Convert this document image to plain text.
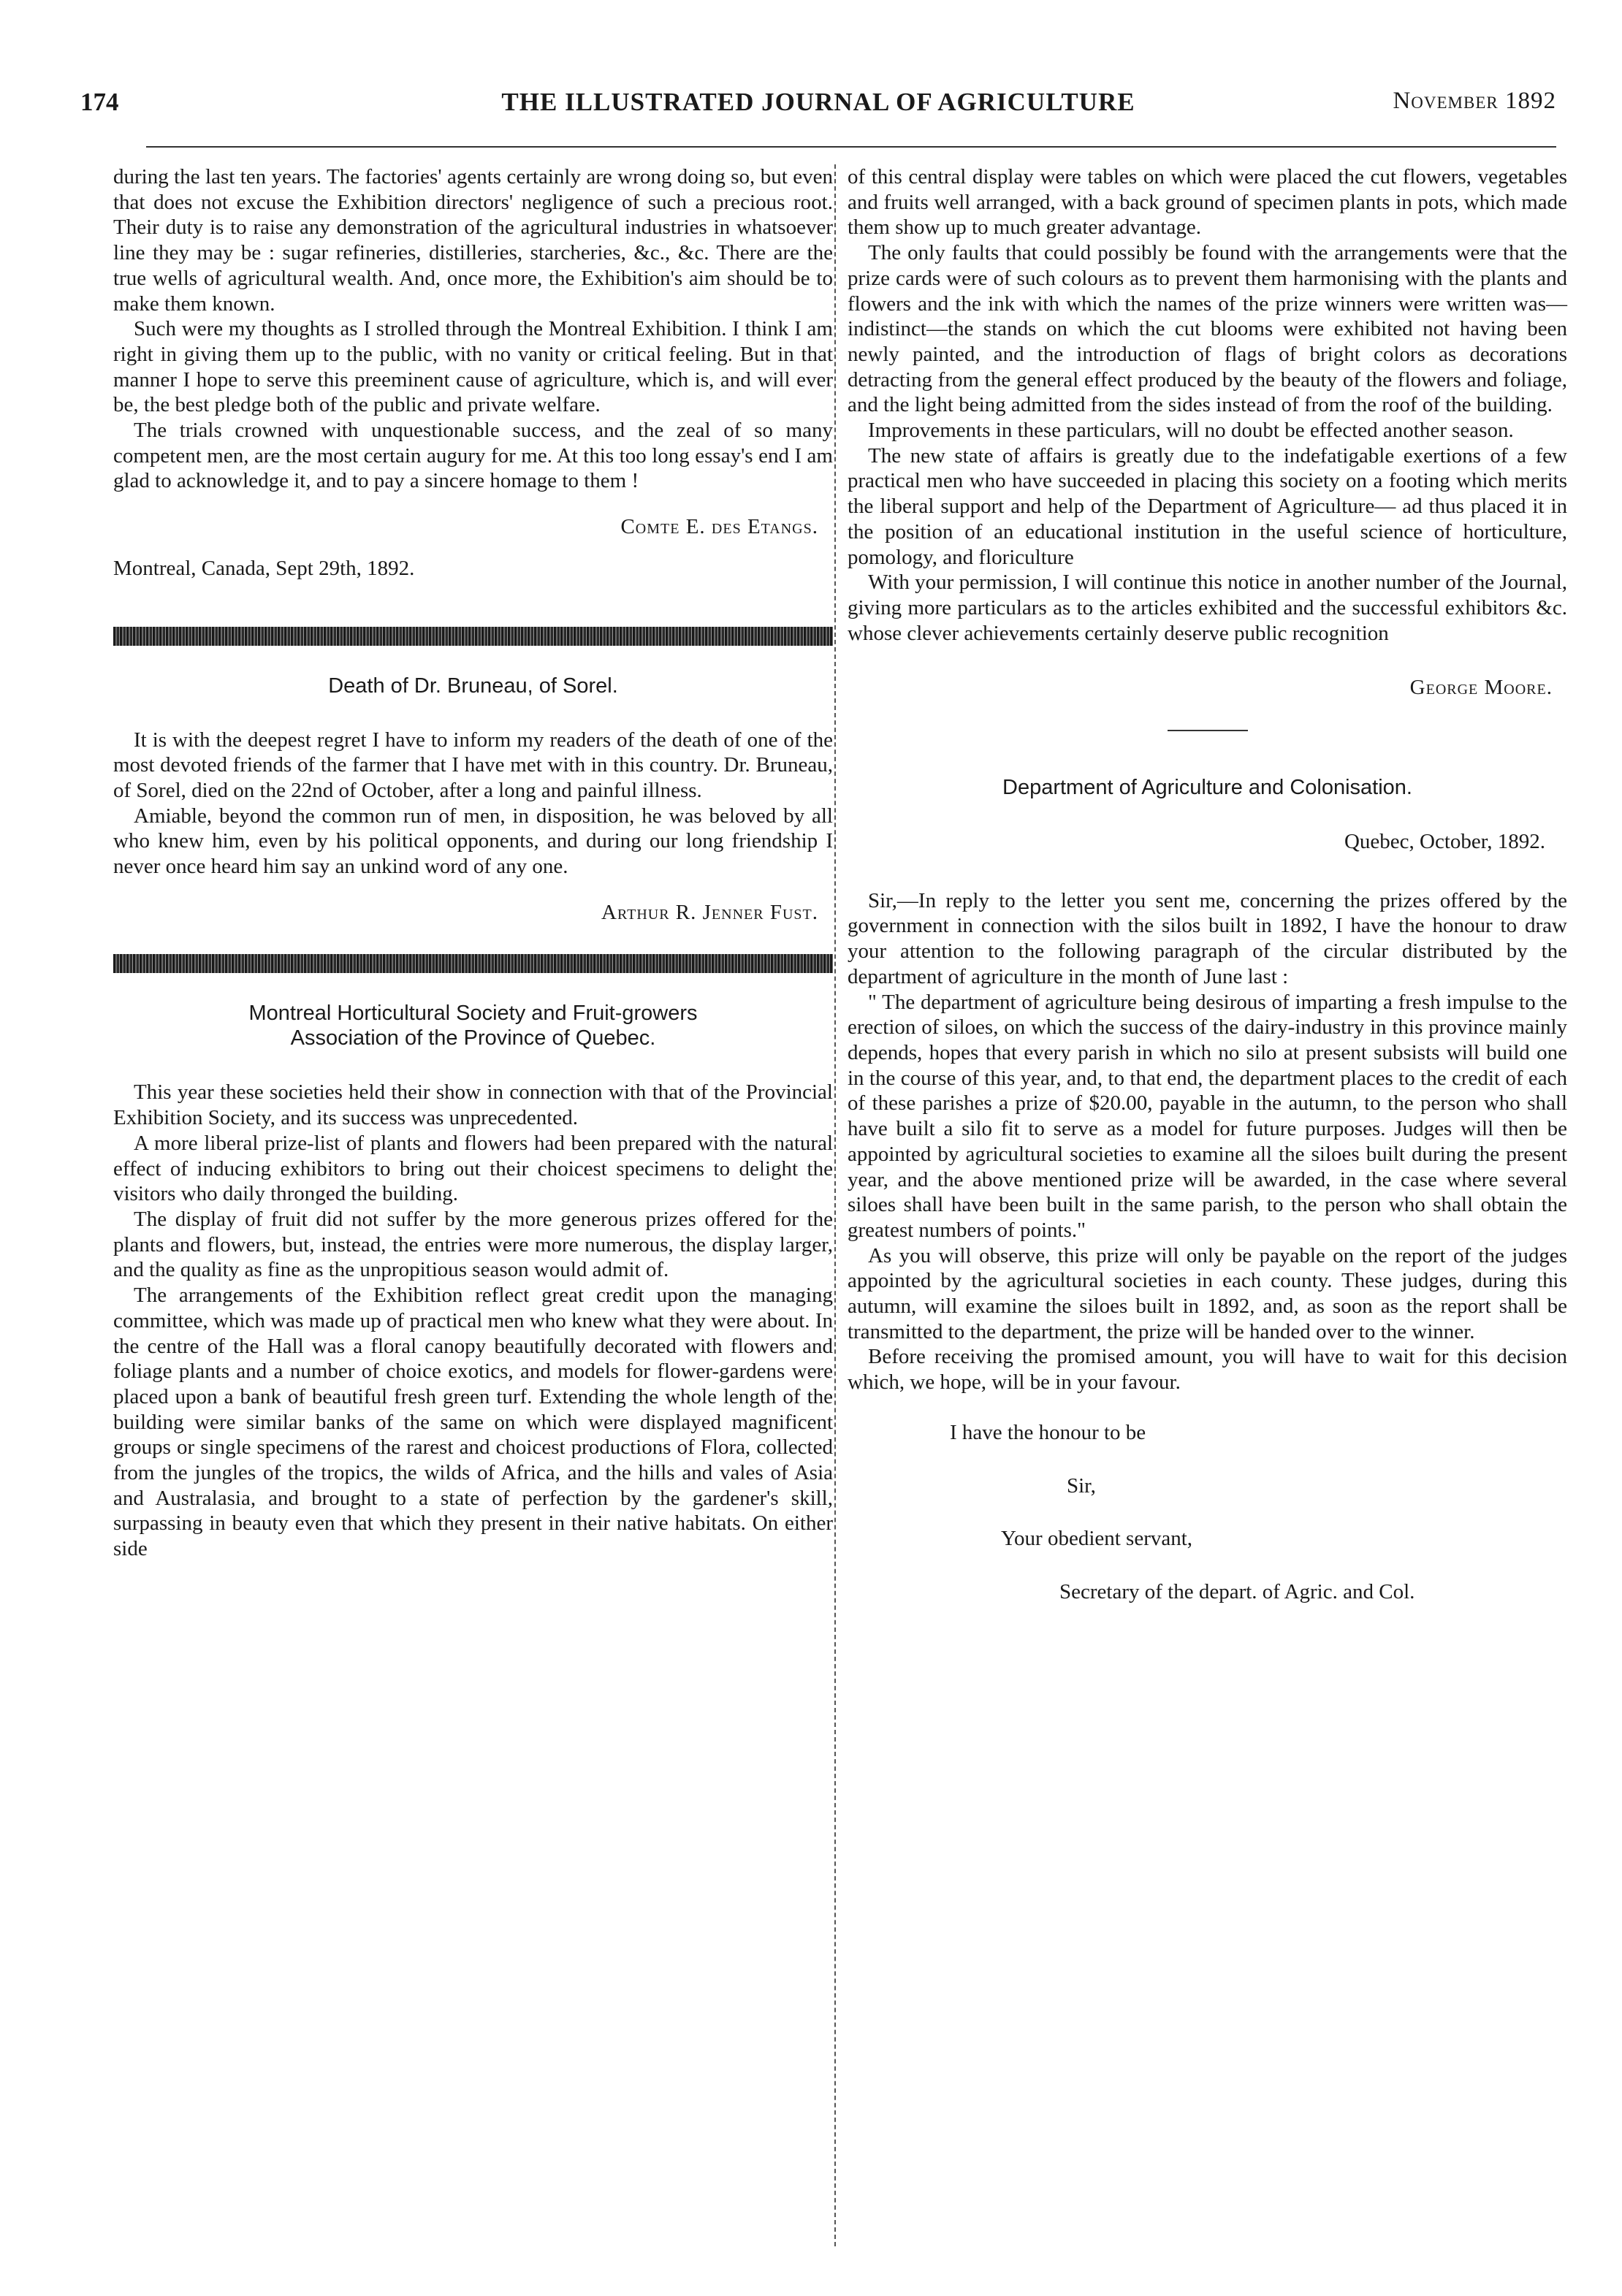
174	THE ILLUSTRATED JOURNAL OF AGRICULTURE	November 1892

during the last ten years. The factories' agents certainly are wrong doing so, but even that does not excuse the Exhibition directors' negligence of such a precious root. Their duty is to raise any demonstration of the agricultural industries in whatsoever line they may be : sugar refineries, distilleries, starcheries, &c., &c. There are the true wells of agricultural wealth. And, once more, the Exhibition's aim should be to make them known.

Such were my thoughts as I strolled through the Montreal Exhibition. I think I am right in giving them up to the public, with no vanity or critical feeling. But in that manner I hope to serve this preeminent cause of agriculture, which is, and will ever be, the best pledge both of the public and private welfare.

The trials crowned with unquestionable success, and the zeal of so many competent men, are the most certain augury for me. At this too long essay's end I am glad to acknowledge it, and to pay a sincere homage to them !

Comte E. des Etangs.

Montreal, Canada, Sept 29th, 1892.

Death of Dr. Bruneau, of Sorel.

It is with the deepest regret I have to inform my readers of the death of one of the most devoted friends of the farmer that I have met with in this country. Dr. Bruneau, of Sorel, died on the 22nd of October, after a long and painful illness.

Amiable, beyond the common run of men, in disposition, he was beloved by all who knew him, even by his political opponents, and during our long friendship I never once heard him say an unkind word of any one.

Arthur R. Jenner Fust.

Montreal Horticultural Society and Fruit-growers
Association of the Province of Quebec.

This year these societies held their show in connection with that of the Provincial Exhibition Society, and its success was unprecedented.

A more liberal prize-list of plants and flowers had been prepared with the natural effect of inducing exhibitors to bring out their choicest specimens to delight the visitors who daily thronged the building.

The display of fruit did not suffer by the more generous prizes offered for the plants and flowers, but, instead, the entries were more numerous, the display larger, and the quality as fine as the unpropitious season would admit of.

The arrangements of the Exhibition reflect great credit upon the managing committee, which was made up of practical men who knew what they were about. In the centre of the Hall was a floral canopy beautifully decorated with flowers and foliage plants and a number of choice exotics, and models for flower-gardens were placed upon a bank of beautiful fresh green turf. Extending the whole length of the building were similar banks of the same on which were displayed magnificent groups or single specimens of the rarest and choicest productions of Flora, collected from the jungles of the tropics, the wilds of Africa, and the hills and vales of Asia and Australasia, and brought to a state of perfection by the gardener's skill, surpassing in beauty even that which they present in their native habitats. On either side

of this central display were tables on which were placed the cut flowers, vegetables and fruits well arranged, with a back ground of specimen plants in pots, which made them show up to much greater advantage.

The only faults that could possibly be found with the arrangements were that the prize cards were of such colours as to prevent them harmonising with the plants and flowers and the ink with which the names of the prize winners were written was—indistinct—the stands on which the cut blooms were exhibited not having been newly painted, and the introduction of flags of bright colors as decorations detracting from the general effect produced by the beauty of the flowers and foliage, and the light being admitted from the sides instead of from the roof of the building.

Improvements in these particulars, will no doubt be effected another season.

The new state of affairs is greatly due to the indefatigable exertions of a few practical men who have succeeded in placing this society on a footing which merits the liberal support and help of the Department of Agriculture— ad thus placed it in the position of an educational institution in the useful science of horticulture, pomology, and floriculture

With your permission, I will continue this notice in another number of the Journal, giving more particulars as to the articles exhibited and the successful exhibitors &c. whose clever achievements certainly deserve public recognition

George Moore.

Department of Agriculture and Colonisation.

Quebec, October, 1892.

Sir,—In reply to the letter you sent me, concerning the prizes offered by the government in connection with the silos built in 1892, I have the honour to draw your attention to the following paragraph of the circular distributed by the department of agriculture in the month of June last :

" The department of agriculture being desirous of imparting a fresh impulse to the erection of siloes, on which the success of the dairy-industry in this province mainly depends, hopes that every parish in which no silo at present subsists will build one in the course of this year, and, to that end, the department places to the credit of each of these parishes a prize of $20.00, payable in the autumn, to the person who shall have built a silo fit to serve as a model for future purposes. Judges will then be appointed by agricultural societies to examine all the siloes built during the present year, and the above mentioned prize will be awarded, in the case where several siloes shall have been built in the same parish, to the person who shall obtain the greatest numbers of points."

As you will observe, this prize will only be payable on the report of the judges appointed by the agricultural societies in each county. These judges, during this autumn, will examine the siloes built in 1892, and, as soon as the report shall be transmitted to the department, the prize will be handed over to the winner.

Before receiving the promised amount, you will have to wait for this decision which, we hope, will be in your favour.

I have the honour to be

Sir,

Your obedient servant,

Secretary of the depart. of Agric. and Col.
